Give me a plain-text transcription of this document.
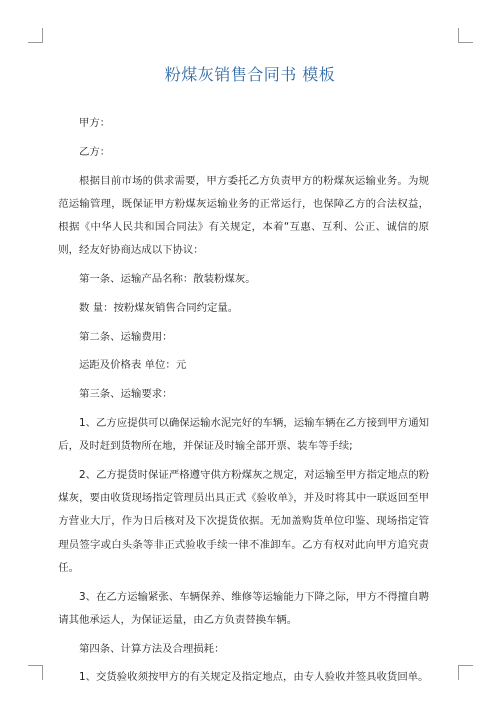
粉煤灰销售合同书 模板

甲方：

乙方：

根据目前市场的供求需要，甲方委托乙方负责甲方的粉煤灰运输业务。为规范运输管理，既保证甲方粉煤灰运输业务的正常运行，也保障乙方的合法权益，根据《中华人民共和国合同法》有关规定，本着“互惠、互利、公正、诚信的原则，经友好协商达成以下协议：

第一条、运输产品名称：散装粉煤灰。

数 量：按粉煤灰销售合同约定量。

第二条、运输费用：

运距及价格表 单位：元

第三条、运输要求：

1、乙方应提供可以确保运输水泥完好的车辆，运输车辆在乙方接到甲方通知后，及时赶到货物所在地，并保证及时输全部开票、装车等手续;

2、乙方提货时保证严格遵守供方粉煤灰之规定，对运输至甲方指定地点的粉煤灰，要由收货现场指定管理员出具正式《验收单》，并及时将其中一联返回至甲方营业大厅，作为日后核对及下次提货依据。无加盖购货单位印鉴、现场指定管理员签字或白头条等非正式验收手续一律不准卸车。乙方有权对此向甲方追究责任。

3、在乙方运输紧张、车辆保养、维修等运输能力下降之际，甲方不得擅自聘请其他承运人，为保证运量，由乙方负责替换车辆。

第四条、计算方法及合理损耗：

1、交货验收须按甲方的有关规定及指定地点，由专人验收并签具收货回单。
